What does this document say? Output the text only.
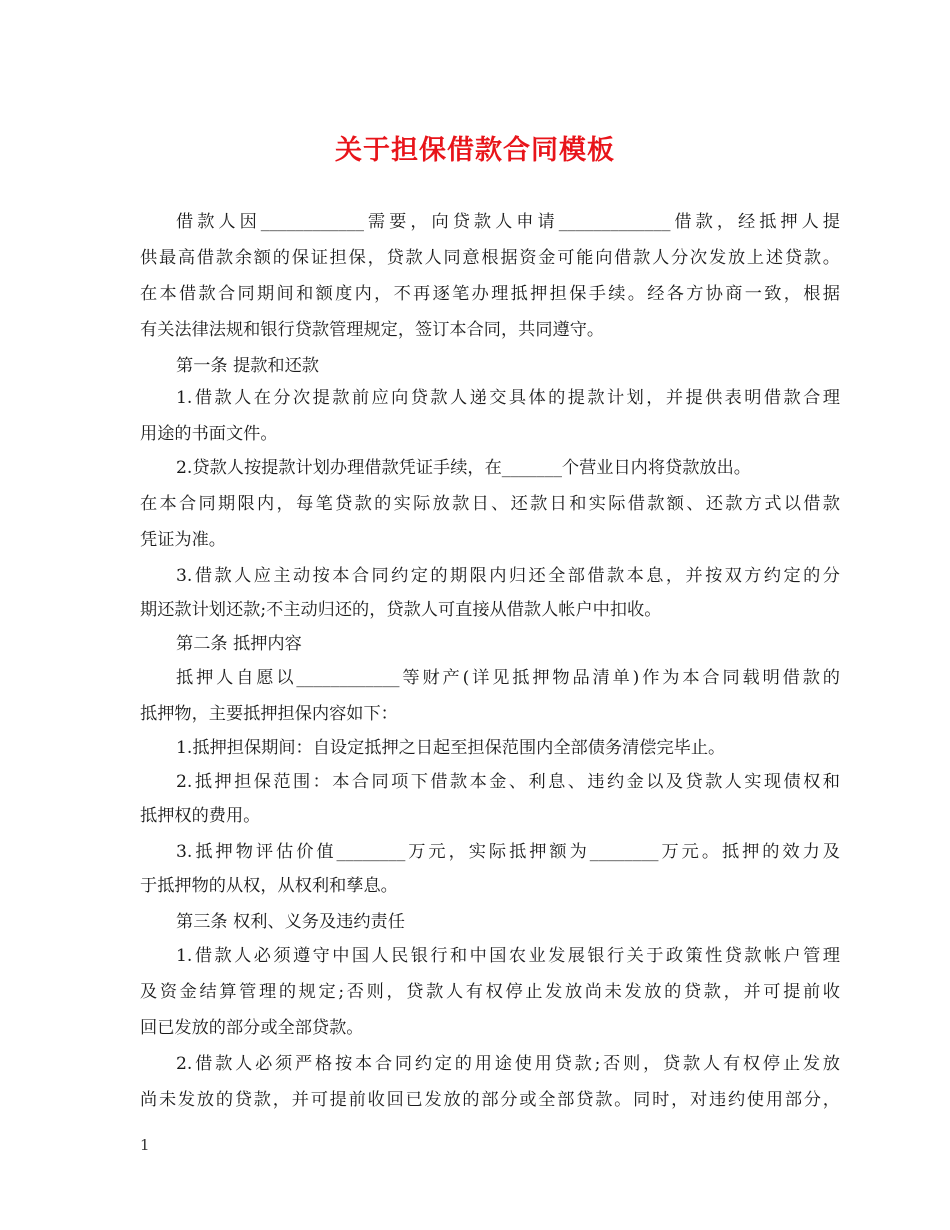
关于担保借款合同模板
借款人因____________需要，向贷款人申请_____________借款，经抵押人提
供最高借款余额的保证担保，贷款人同意根据资金可能向借款人分次发放上述贷款。
在本借款合同期间和额度内，不再逐笔办理抵押担保手续。经各方协商一致，根据
有关法律法规和银行贷款管理规定，签订本合同，共同遵守。
第一条 提款和还款
1.借款人在分次提款前应向贷款人递交具体的提款计划，并提供表明借款合理
用途的书面文件。
2.贷款人按提款计划办理借款凭证手续，在_______个营业日内将贷款放出。
在本合同期限内，每笔贷款的实际放款日、还款日和实际借款额、还款方式以借款
凭证为准。
3.借款人应主动按本合同约定的期限内归还全部借款本息，并按双方约定的分
期还款计划还款;不主动归还的，贷款人可直接从借款人帐户中扣收。
第二条 抵押内容
抵押人自愿以____________等财产(详见抵押物品清单)作为本合同载明借款的
抵押物，主要抵押担保内容如下：
1.抵押担保期间：自设定抵押之日起至担保范围内全部债务清偿完毕止。
2.抵押担保范围：本合同项下借款本金、利息、违约金以及贷款人实现债权和
抵押权的费用。
3.抵押物评估价值________万元，实际抵押额为________万元。抵押的效力及
于抵押物的从权，从权利和孳息。
第三条 权利、义务及违约责任
1.借款人必须遵守中国人民银行和中国农业发展银行关于政策性贷款帐户管理
及资金结算管理的规定;否则，贷款人有权停止发放尚未发放的贷款，并可提前收
回已发放的部分或全部贷款。
2.借款人必须严格按本合同约定的用途使用贷款;否则，贷款人有权停止发放
尚未发放的贷款，并可提前收回已发放的部分或全部贷款。同时，对违约使用部分，
1
